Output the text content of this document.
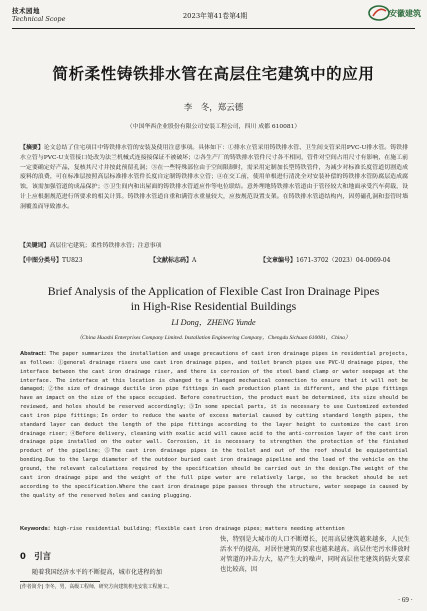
技术园地
Technical Scope	2023年第41卷第4期	安徽建筑
简析柔性铸铁排水管在高层住宅建筑中的应用
李　冬，郑云德
（中国华西企业股份有限公司安装工程公司，四川 成都 610081）
【摘要】论文总结了住宅项目中铸铁排水管的安装及使用注意事项。具体如下：①排水立管采用铸铁排水管、卫生间支管采用PVC-U排水管。铸铁排水立管与PVC-U支管接口处改为法兰机械式连接接保证不被破坏；②各生产厂的铸铁排水管件尺寸各不相同，管件对空间占用尺寸有影响，在施工前一定要确定好产品，复核其尺寸并按此预留孔洞；③在一些特殊部位由于空间限制时，需采用定制加长型铸铁管件，为减少对标准长度管道切割造成废料的浪费，可在标准层按照高层标准排水管件长度自定制铸铁排水立管；④在交工前，使用单根进行清洗全对安装补偿的铸铁排水管防腐层造成腐蚀，该需加强管道的成品保护；⑤卫生间内和出屋面的铸铁排水管道应作等电位联结。意外埋地铸铁排水管道由于管径较大和地面承受汽车荷载，设计上应根据规范进行所要求的相关计算。铸铁排水管道自重和满管水重量较大，应按规范设置支架。在铸铁排水管道结构内，因剪磁孔洞和套管时墙洞覆盖而导致渗水。
【关键词】高层住宅建筑；柔性铸铁排水管；注意事项
【中图分类号】TU823	【文献标志码】A	【文章编号】1671-3702（2023）04-0069-04
Brief Analysis of the Application of Flexible Cast Iron Drainage Pipes
in High-Rise Residential Buildings
LI Dong，ZHENG Yunde
（China Huashi Enterprises Company Limited. Installation Engineering Company，Chengdu Sichuan 610081，China）
Abstract：The paper summarizes the installation and usage precautions of cast iron drainage pipes in residential projects, as follows：①general drainage risers use cast iron drainage pipes, and toilet branch pipes use PVC-U drainage pipes，the interface between the cast iron drainage riser, and there is corrosion of the steel band clamp or water seepage at the interface. The interface at this location is changed to a flanged mechanical connection to ensure that it will not be damaged；②the size of drainage ductile iron pipe fittings in each production plant is different, and the pipe fittings have an impact on the size of the space occupied. Before construction, the product must be determined, its size should be reviewed, and holes should be reserved accordingly；③In some special parts, it is necessary to use Customized extended cast iron pipe fittings；In order to reduce the waste of excess material caused by cutting standard length pipes, the standard layer can deduct the length of the pipe fittings according to the layer height to customize the cast iron drainage riser；④Before delivery, cleaning with oxalic acid will cause acid to the anti-corrosion layer of the cast iron drainage pipe installed on the outer wall. Corrosion, it is necessary to strengthen the protection of the finished product of the pipeline；⑤The cast iron drainage pipes in the toilet and out of the roof should be equipotential bonding.Due to the large diameter of the outdoor buried cast iron drainage pipeline and the load of the vehicle on the ground, the relevant calculations required by the specification should be carried out in the design.The weight of the cast iron drainage pipe and the weight of the full pipe water are relatively large, so the bracket should be set according to the specification.Where the cast iron drainage pipe passes through the structure, water seepage is caused by the quality of the reserved holes and casing plugging.
Keywords：high-rise residential building；flexible cast iron drainage pipes；matters needing attention
0　引言
随着我国经济水平的不断提高，城市化进程的加
[作者简介] 李冬，男，高级工程师，研究方向建筑机电安装工程施工。
快，特别是大城市的人口不断增长，民用高层建筑越来越多，人民生活水平的提高，对居住建筑的要求也越来越高。高层住宅污水排放时对管道的冲击力大，易产生大的噪声，同时高层住宅建筑的防火要求也比较高，因
· 69 ·
